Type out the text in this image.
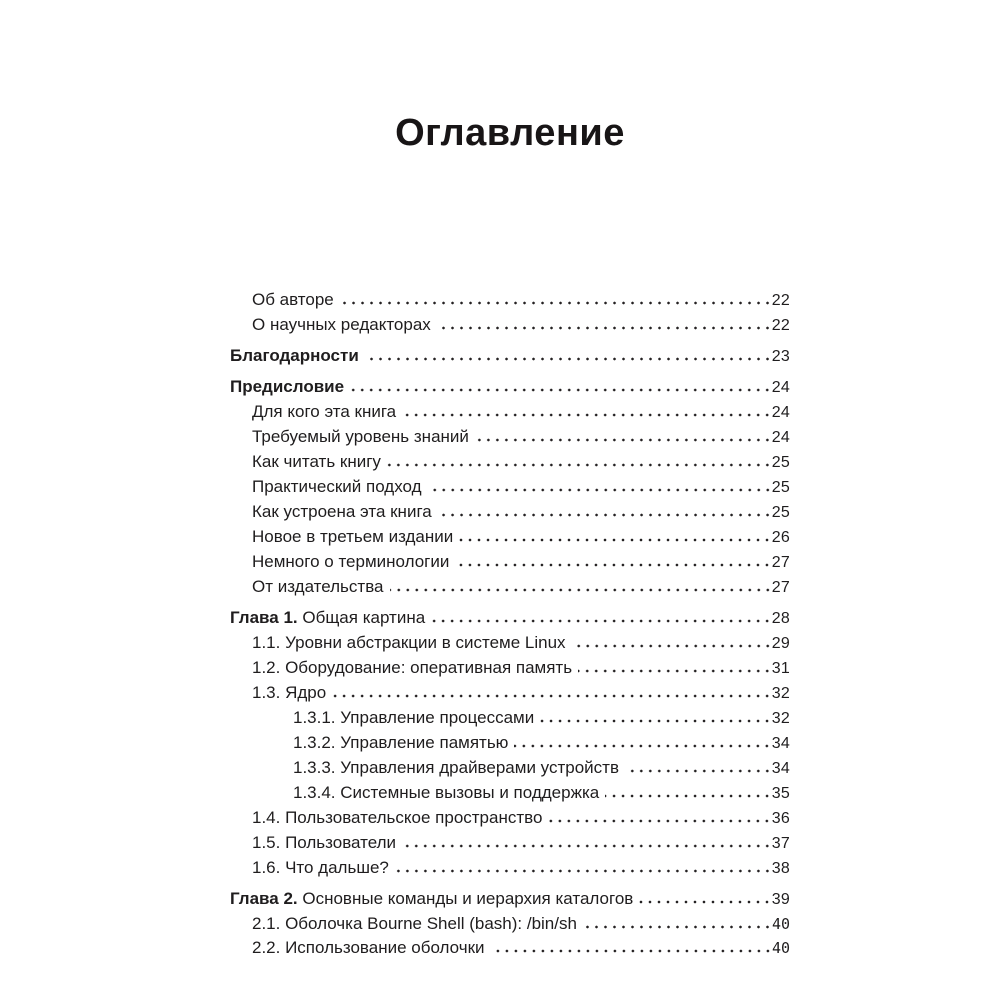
Оглавление
Об авторе	22
О научных редакторах	22
Благодарности	23
Предисловие	24
Для кого эта книга	24
Требуемый уровень знаний	24
Как читать книгу	25
Практический подход	25
Как устроена эта книга	25
Новое в третьем издании	26
Немного о терминологии	27
От издательства	27
Глава 1. Общая картина	28
1.1. Уровни абстракции в системе Linux	29
1.2. Оборудование: оперативная память	31
1.3. Ядро	32
1.3.1. Управление процессами	32
1.3.2. Управление памятью	34
1.3.3. Управления драйверами устройств	34
1.3.4. Системные вызовы и поддержка	35
1.4. Пользовательское пространство	36
1.5. Пользователи	37
1.6. Что дальше?	38
Глава 2. Основные команды и иерархия каталогов	39
2.1. Оболочка Bourne Shell (bash): /bin/sh	40
2.2. Использование оболочки	40
